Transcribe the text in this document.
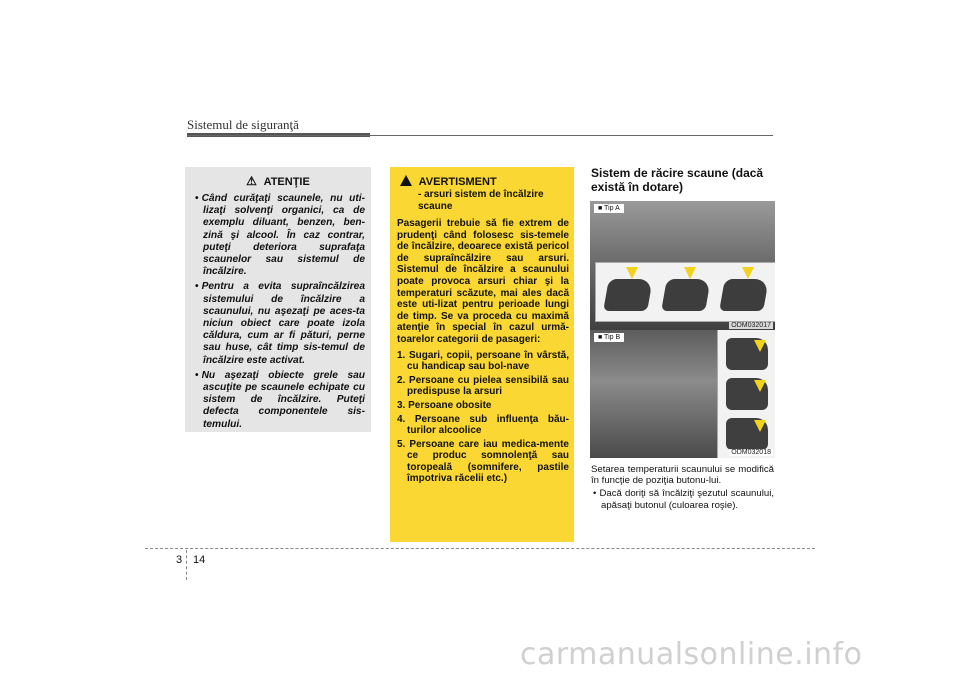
Sistemul de siguranţă
⚠ ATENŢIE
• Când curăţaţi scaunele, nu uti-lizaţi solvenţi organici, ca de exemplu diluant, benzen, ben-zină şi alcool. În caz contrar, puteţi deteriora suprafaţa scaunelor sau sistemul de încălzire.
• Pentru a evita supraîncălzirea sistemului de încălzire a scaunului, nu aşezaţi pe aces-ta niciun obiect care poate izola căldura, cum ar fi pături, perne sau huse, cât timp sis-temul de încălzire este activat.
• Nu aşezaţi obiecte grele sau ascuţite pe scaunele echipate cu sistem de încălzire. Puteţi defecta componentele sis-temului.
AVERTISMENT
- arsuri sistem de încălzire scaune
Pasagerii trebuie să fie extrem de prudenţi când folosesc sis-temele de încălzire, deoarece există pericol de supraîncălzire sau arsuri. Sistemul de încălzire a scaunului poate provoca arsuri chiar şi la temperaturi scăzute, mai ales dacă este uti-lizat pentru perioade lungi de timp. Se va proceda cu maximă atenţie în special în cazul urmă-toarelor categorii de pasageri:
1. Sugari, copii, persoane în vârstă, cu handicap sau bol-nave
2. Persoane cu pielea sensibilă sau predispuse la arsuri
3. Persoane obosite
4. Persoane sub influenţa bău-turilor alcoolice
5. Persoane care iau medica-mente ce produc somnolenţă sau toropeală (somnifere, pastile împotriva răcelii etc.)
Sistem de răcire scaune (dacă există în dotare)
■ Tip A
ODM032017
■ Tip B
ODM032018

Setarea temperaturii scaunului se modifică în funcţie de poziţia butonu-lui.

• Dacă doriţi să încălziţi şezutul scaunului, apăsaţi butonul (culoarea roşie).

3 14
carmanualsonline.info
